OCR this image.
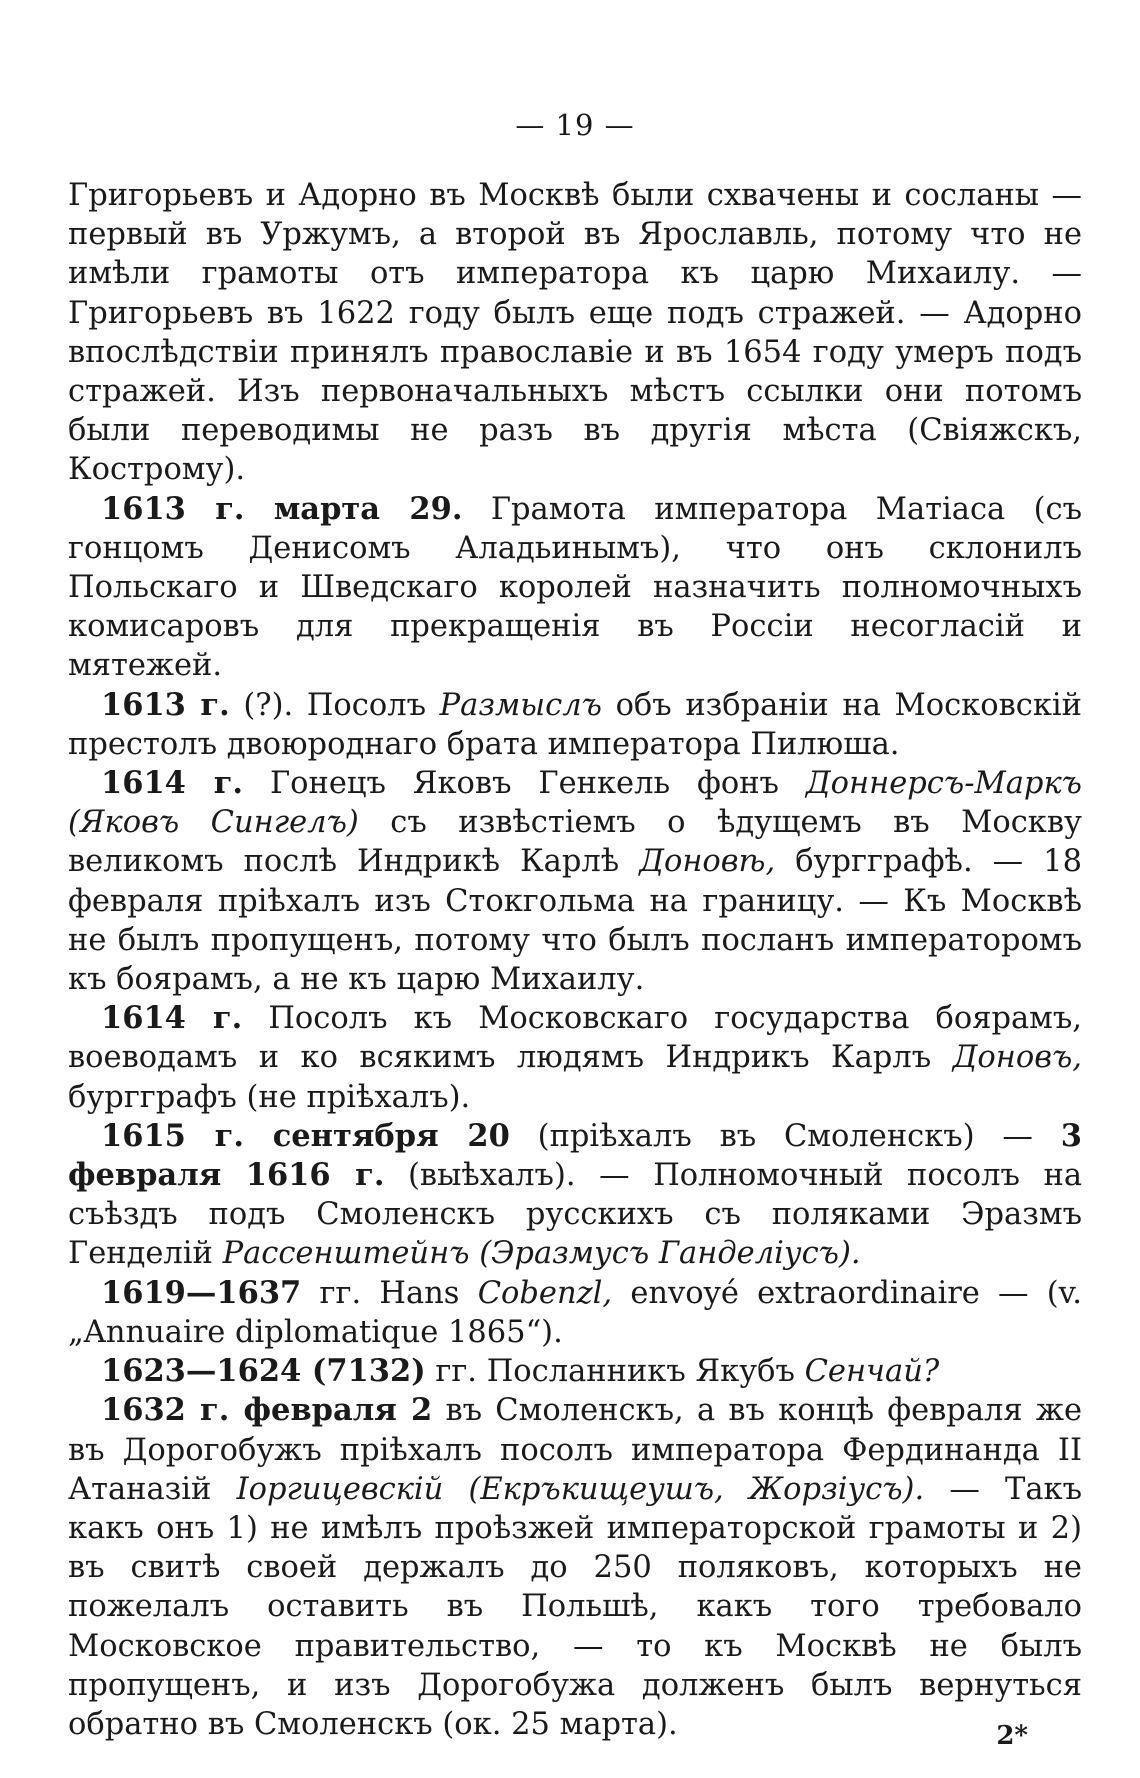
— 19 —

Григорьевъ и Адорно въ Москвѣ были схвачены и сосланы — первый въ Уржумъ, а второй въ Ярославль, потому что не имѣли грамоты отъ императора къ царю Михаилу. — Григорьевъ въ 1622 году былъ еще подъ стражей. — Адорно впослѣдствіи принялъ православіе и въ 1654 году умеръ подъ стражей. Изъ первоначальныхъ мѣстъ ссылки они потомъ были переводимы не разъ въ другія мѣста (Свіяжскъ, Кострому).

1613 г. марта 29. Грамота императора Матіаса (съ гонцомъ Денисомъ Аладьинымъ), что онъ склонилъ Польскаго и Шведскаго королей назначить полномочныхъ комисаровъ для прекращенія въ Россіи несогласій и мятежей.

1613 г. (?). Посолъ Размыслъ объ избраніи на Московскій престолъ двоюроднаго брата императора Пилюша.

1614 г. Гонецъ Яковъ Генкель фонъ Доннерсъ-Маркъ (Яковъ Сингелъ) съ извѣстіемъ о ѣдущемъ въ Москву великомъ послѣ Индрикѣ Карлѣ Доновѣ, бургграфѣ. — 18 февраля пріѣхалъ изъ Стокгольма на границу. — Къ Москвѣ не былъ пропущенъ, потому что былъ посланъ императоромъ къ боярамъ, а не къ царю Михаилу.

1614 г. Посолъ къ Московскаго государства боярамъ, воеводамъ и ко всякимъ людямъ Индрикъ Карлъ Доновъ, бургграфъ (не пріѣхалъ).

1615 г. сентября 20 (пріѣхалъ въ Смоленскъ) — 3 февраля 1616 г. (выѣхалъ). — Полномочный посолъ на съѣздъ подъ Смоленскъ русскихъ съ поляками Эразмъ Генделій Рассенштейнъ (Эразмусъ Ганделіусъ).

1619—1637 гг. Hans Cobenzl, envoyé extraordinaire — (v. „Annuaire diplomatique 1865“).

1623—1624 (7132) гг. Посланникъ Якубъ Сенчай?

1632 г. февраля 2 въ Смоленскъ, а въ концѣ февраля же въ Дорогобужъ пріѣхалъ посолъ императора Фердинанда II Атаназій Іоргицевскій (Екръкищеушъ, Жорзіусъ). — Такъ какъ онъ 1) не имѣлъ проѣзжей императорской грамоты и 2) въ свитѣ своей держалъ до 250 поляковъ, которыхъ не пожелалъ оставить въ Польшѣ, какъ того требовало Московское правительство, — то къ Москвѣ не былъ пропущенъ, и изъ Дорогобужа долженъ былъ вернуться обратно въ Смоленскъ (ок. 25 марта).	2*
